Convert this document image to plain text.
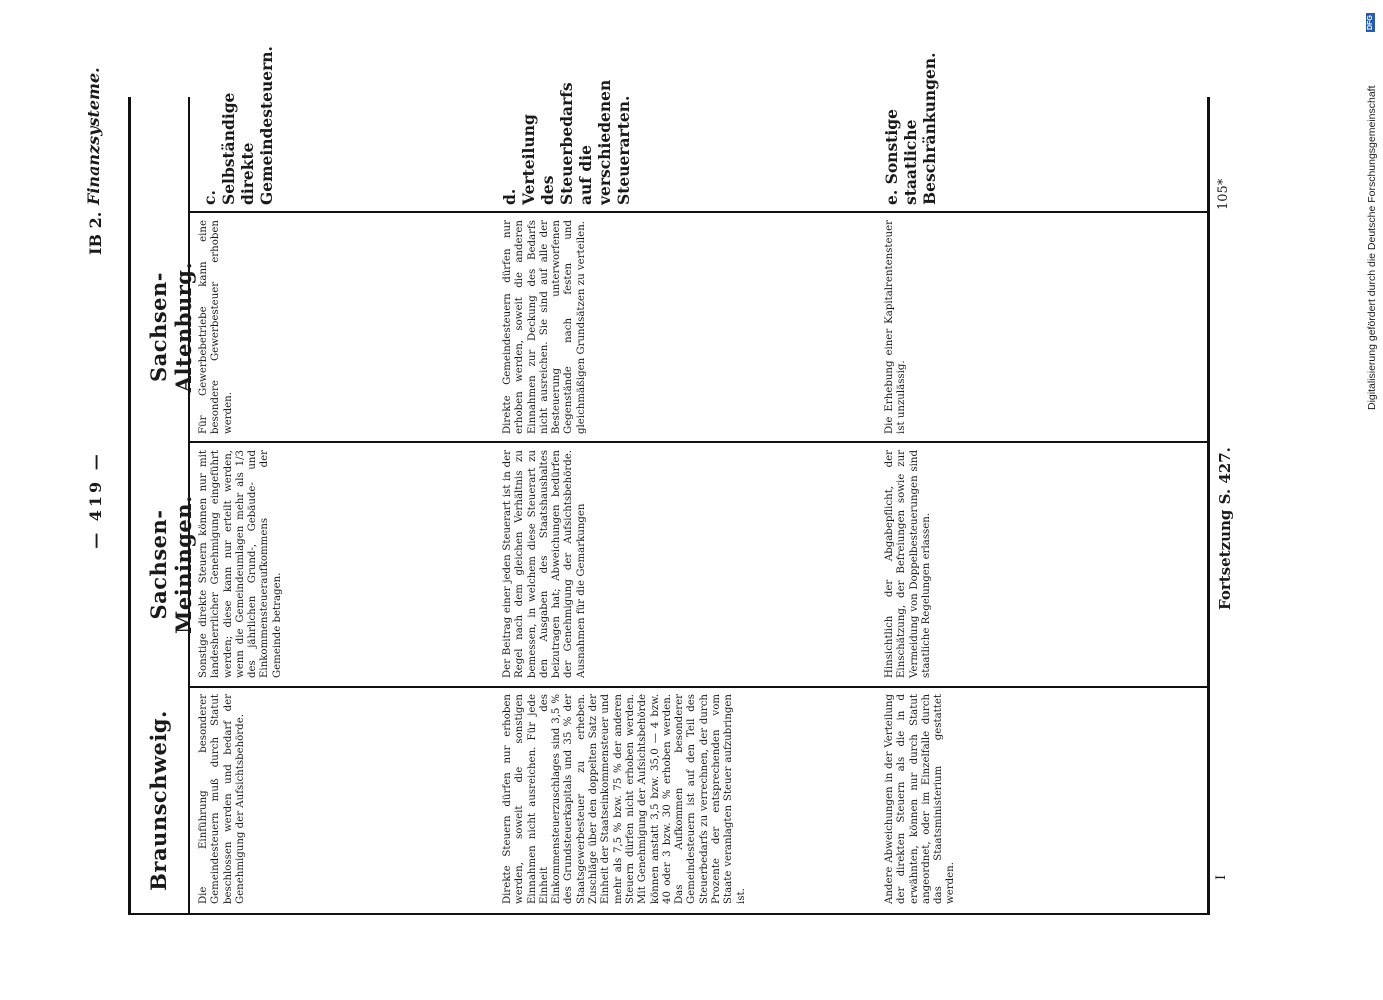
— 419 —
IB 2.
Finanzsysteme.
Braunschweig.
Sachsen-Meiningen.
Sachsen-Altenburg.
Die Einführung besonderer Gemeindesteuern muß durch Statut beschlossen werden und bedarf der Genehmigung der Aufsichtsbehörde.
Sonstige direkte Steuern können nur mit landesherrlicher Genehmigung eingeführt werden; diese kann nur erteilt werden, wenn die Gemeindeumlagen mehr als 1/3 des jährlichen Grund-, Gebäude- und Einkommensteueraufkommens der Gemeinde betragen.
Für Gewerbebetriebe kann eine besondere Gewerbesteuer erhoben werden.
c. Selbständige direkte Gemeindesteuern.
Direkte Steuern dürfen nur erhoben werden, soweit die sonstigen Einnahmen nicht ausreichen. Für jede Einheit des Einkommensteuerzuschlages sind 3,5 % des Grundsteuerkapitals und 35 % der Staatsgewerbesteuer zu erheben. Zuschläge über den doppelten Satz der Einheit der Staatseinkommensteuer und mehr als 7,5 % bzw. 75 % der anderen Steuern dürfen nicht erhoben werden. Mit Genehmigung der Aufsichtsbehörde können anstatt 3,5 bzw. 35,0 — 4 bzw. 40 oder 3 bzw. 30 % erhoben werden. Das Aufkommen besonderer Gemeindesteuern ist auf den Teil des Steuerbedarfs zu verrechnen, der durch Prozente der entsprechenden vom Staate veranlagten Steuer aufzubringen ist.
Der Beitrag einer jeden Steuerart ist in der Regel nach dem gleichen Verhältnis zu bemessen, in welchem diese Steuerart zu den Ausgaben des Staatshaushaltes beizutragen hat; Abweichungen bedürfen der Genehmigung der Aufsichtsbehörde. Ausnahmen für die Gemarkungen
Direkte Gemeindesteuern dürfen nur erhoben werden, soweit die anderen Einnahmen zur Deckung des Bedarfs nicht ausreichen. Sie sind auf alle der Besteuerung unterworfenen Gegenstände nach festen und gleichmäßigen Grundsätzen zu verteilen.
d. Verteilung des Steuerbedarfs auf die verschiedenen Steuerarten.
Andere Abweichungen in der Verteilung der direkten Steuern als die in d erwähnten, können nur durch Statut angeordnet, oder im Einzelfalle durch das Staatsministerium gestattet werden.
Hinsichtlich der Abgabepflicht, der Einschätzung, der Befreiungen sowie zur Vermeidung von Doppelbesteuerungen sind staatliche Regelungen erlassen.
Die Erhebung einer Kapitalrentensteuer ist unzulässig.
e. Sonstige staatliche Beschränkungen.
I
Fortsetzung S. 427.
105*	Digitalisierung gefördert durch die Deutsche Forschungsgemeinschaft
DFG
